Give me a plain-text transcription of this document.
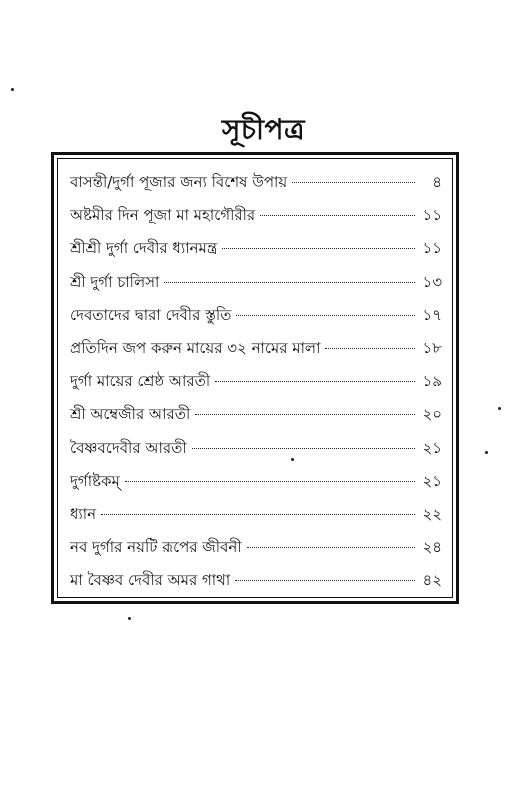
সূচীপত্র
বাসন্তী/দুর্গা পূজার জন্য বিশেষ উপায়	৪
অষ্টমীর দিন পূজা মা মহাগৌরীর	১১
শ্রীশ্রী দুর্গা দেবীর ধ্যানমন্ত্র	১১
শ্রী দুর্গা চালিসা	১৩
দেবতাদের দ্বারা দেবীর স্তুতি	১৭
প্রতিদিন জপ করুন মায়ের ৩২ নামের মালা	১৮
দুর্গা মায়ের শ্রেষ্ঠ আরতী	১৯
শ্রী অম্বেজীর আরতী	২০
বৈষ্ণবদেবীর আরতী	২১
দুর্গাষ্টকম্	২১
ধ্যান	২২
নব দুর্গার নয়টি রূপের জীবনী	২৪
মা বৈষ্ণব দেবীর অমর গাথা	৪২
